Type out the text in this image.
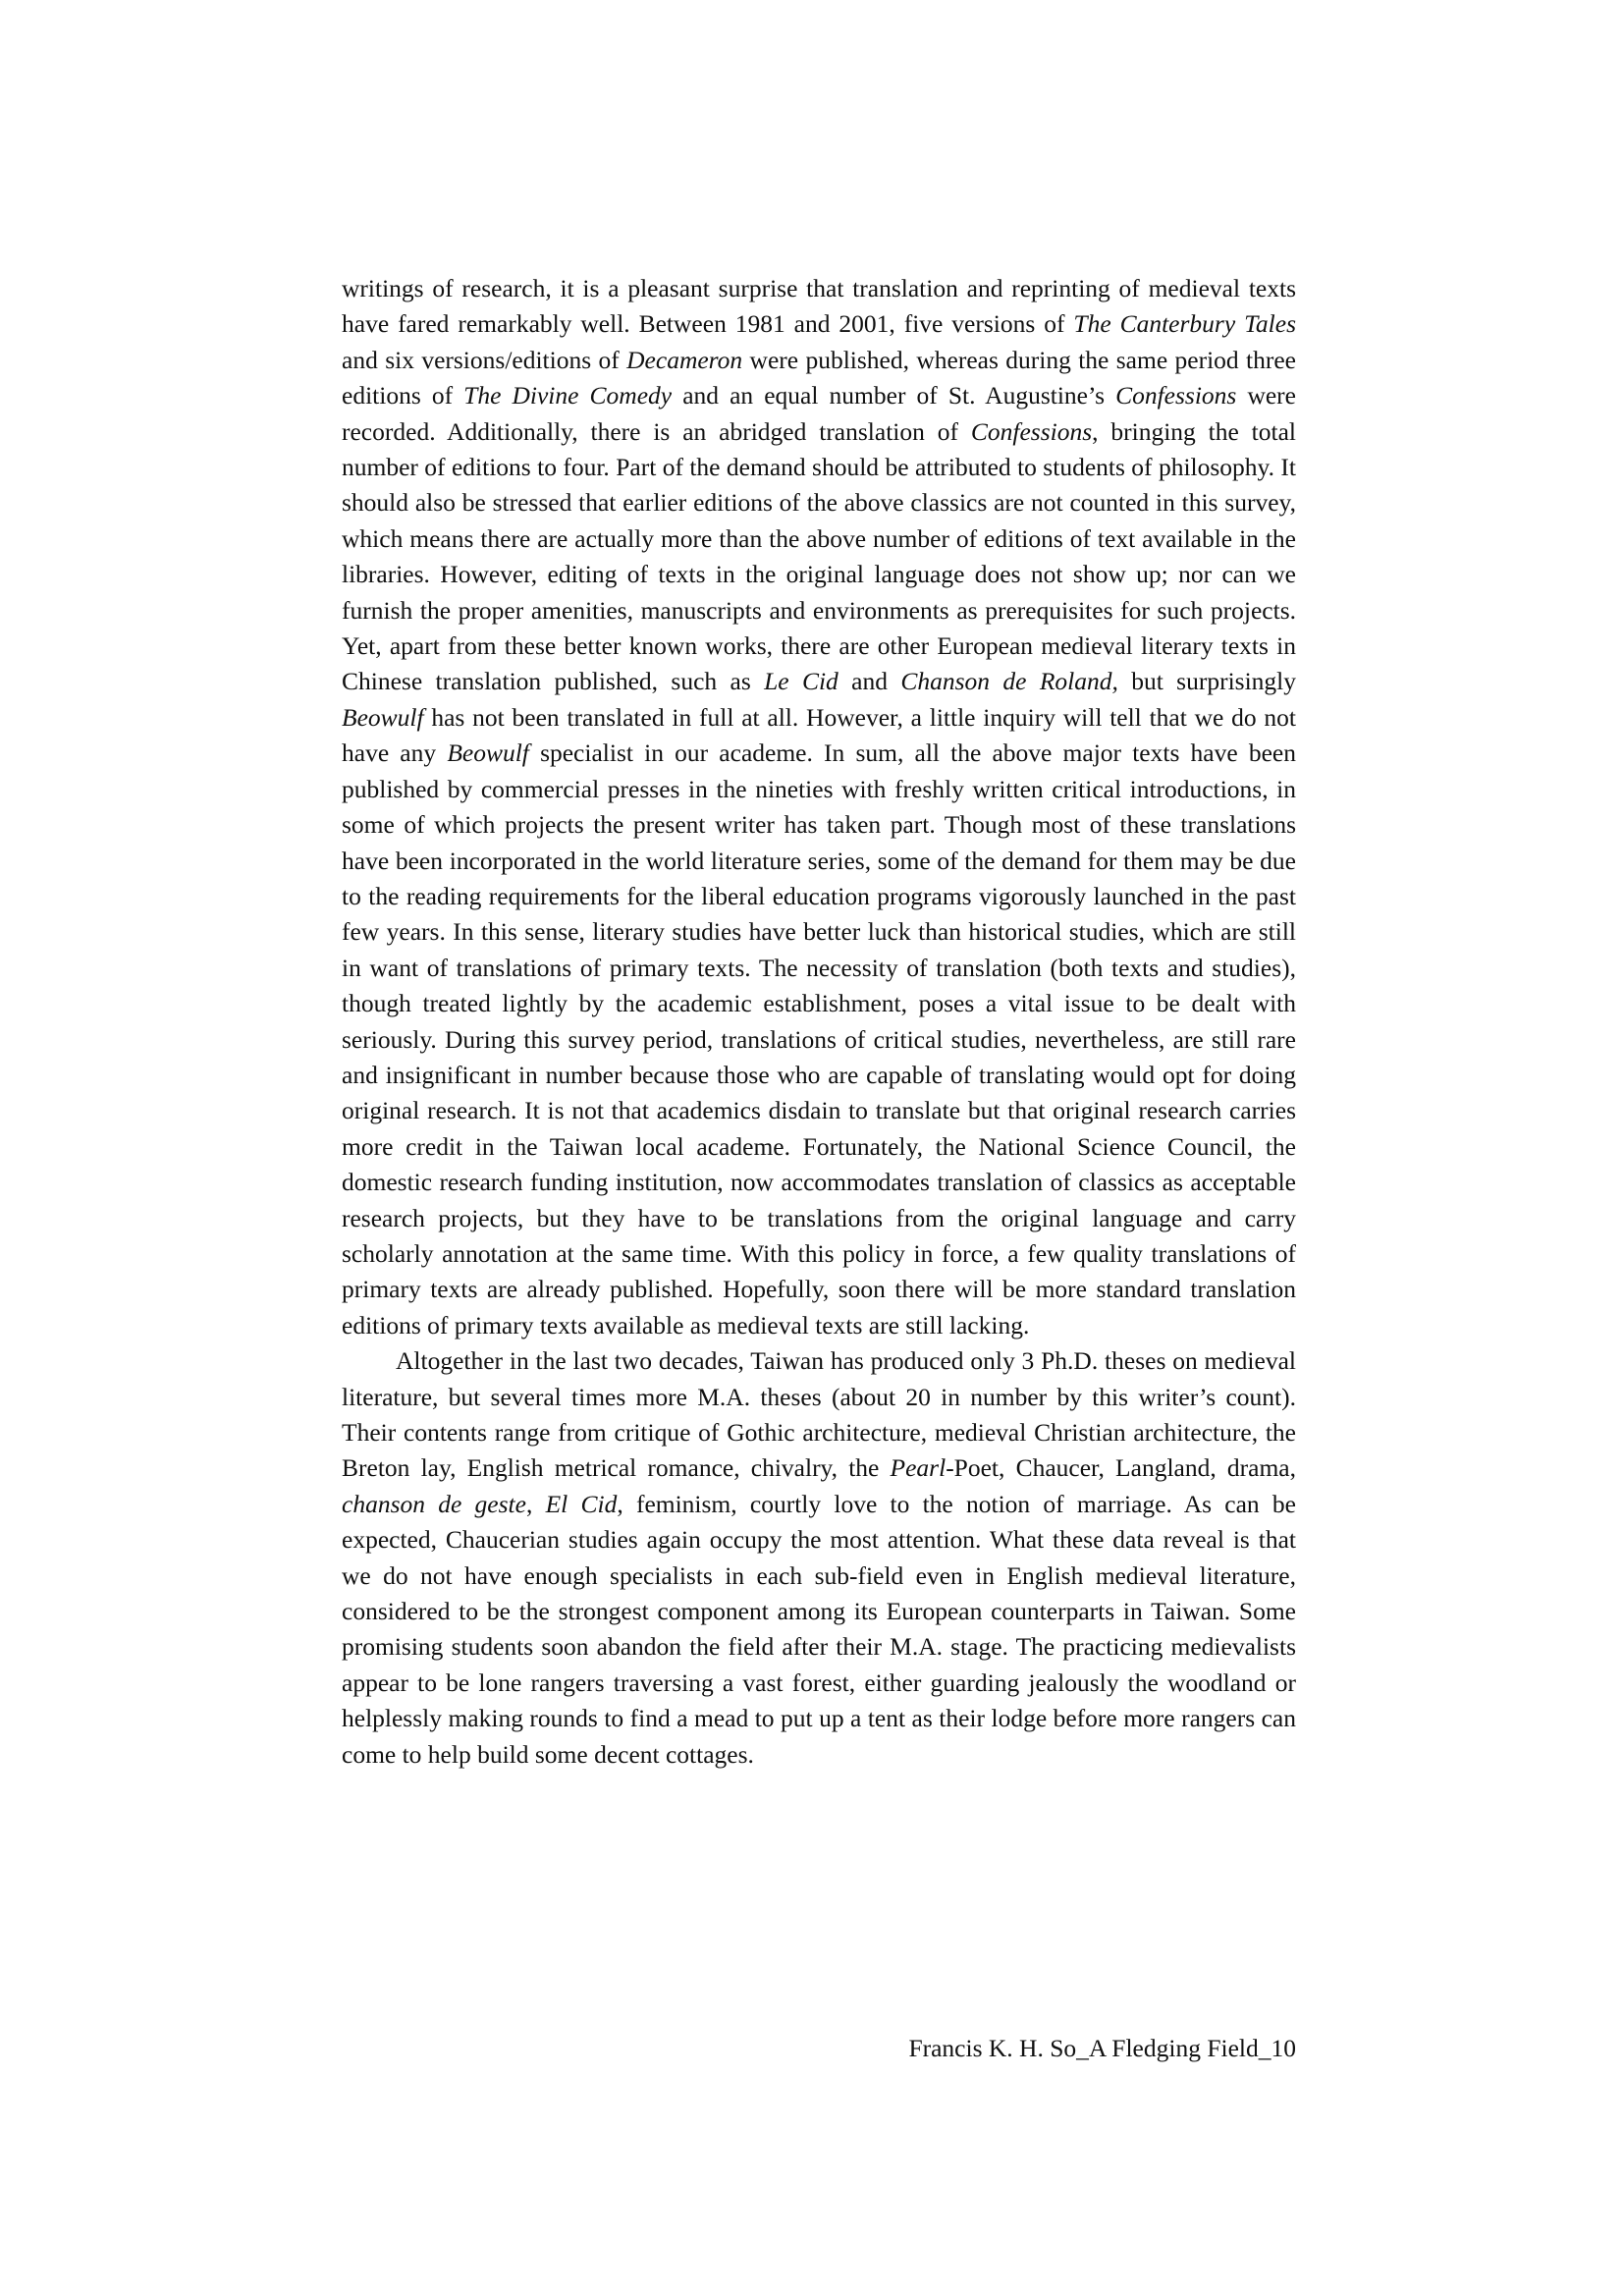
writings of research, it is a pleasant surprise that translation and reprinting of medieval texts have fared remarkably well. Between 1981 and 2001, five versions of The Canterbury Tales and six versions/editions of Decameron were published, whereas during the same period three editions of The Divine Comedy and an equal number of St. Augustine’s Confessions were recorded. Additionally, there is an abridged translation of Confessions, bringing the total number of editions to four. Part of the demand should be attributed to students of philosophy. It should also be stressed that earlier editions of the above classics are not counted in this survey, which means there are actually more than the above number of editions of text available in the libraries. However, editing of texts in the original language does not show up; nor can we furnish the proper amenities, manuscripts and environments as prerequisites for such projects. Yet, apart from these better known works, there are other European medieval literary texts in Chinese translation published, such as Le Cid and Chanson de Roland, but surprisingly Beowulf has not been translated in full at all. However, a little inquiry will tell that we do not have any Beowulf specialist in our academe. In sum, all the above major texts have been published by commercial presses in the nineties with freshly written critical introductions, in some of which projects the present writer has taken part. Though most of these translations have been incorporated in the world literature series, some of the demand for them may be due to the reading requirements for the liberal education programs vigorously launched in the past few years. In this sense, literary studies have better luck than historical studies, which are still in want of translations of primary texts. The necessity of translation (both texts and studies), though treated lightly by the academic establishment, poses a vital issue to be dealt with seriously. During this survey period, translations of critical studies, nevertheless, are still rare and insignificant in number because those who are capable of translating would opt for doing original research. It is not that academics disdain to translate but that original research carries more credit in the Taiwan local academe. Fortunately, the National Science Council, the domestic research funding institution, now accommodates translation of classics as acceptable research projects, but they have to be translations from the original language and carry scholarly annotation at the same time. With this policy in force, a few quality translations of primary texts are already published. Hopefully, soon there will be more standard translation editions of primary texts available as medieval texts are still lacking.

Altogether in the last two decades, Taiwan has produced only 3 Ph.D. theses on medieval literature, but several times more M.A. theses (about 20 in number by this writer’s count). Their contents range from critique of Gothic architecture, medieval Christian architecture, the Breton lay, English metrical romance, chivalry, the Pearl-Poet, Chaucer, Langland, drama, chanson de geste, El Cid, feminism, courtly love to the notion of marriage. As can be expected, Chaucerian studies again occupy the most attention. What these data reveal is that we do not have enough specialists in each sub-field even in English medieval literature, considered to be the strongest component among its European counterparts in Taiwan. Some promising students soon abandon the field after their M.A. stage. The practicing medievalists appear to be lone rangers traversing a vast forest, either guarding jealously the woodland or helplessly making rounds to find a mead to put up a tent as their lodge before more rangers can come to help build some decent cottages.

Francis K. H. So_A Fledging Field_10
